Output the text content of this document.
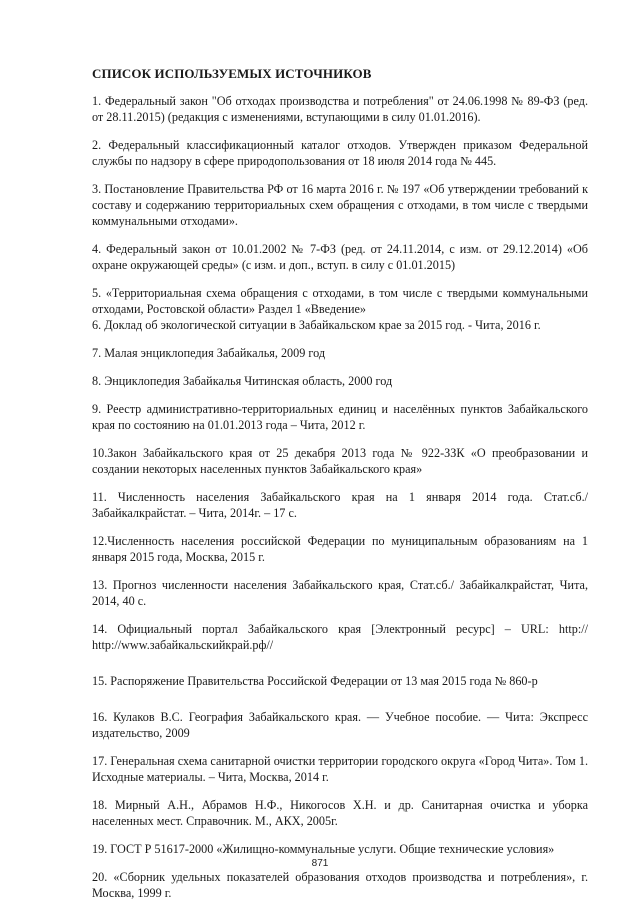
СПИСОК ИСПОЛЬЗУЕМЫХ ИСТОЧНИКОВ
1. Федеральный закон "Об отходах производства и потребления" от 24.06.1998 № 89-ФЗ (ред. от 28.11.2015) (редакция с изменениями, вступающими в силу 01.01.2016).
2. Федеральный классификационный каталог отходов. Утвержден приказом Федеральной службы по надзору в сфере природопользования от 18 июля 2014 года № 445.
3. Постановление Правительства РФ от 16 марта 2016 г. № 197 «Об утверждении требований к составу и содержанию территориальных схем обращения с отходами, в том числе с твердыми коммунальными отходами».
4. Федеральный закон от 10.01.2002 № 7-ФЗ (ред. от 24.11.2014, с изм. от 29.12.2014) «Об охране окружающей среды» (с изм. и доп., вступ. в силу с 01.01.2015)
5. «Территориальная схема обращения с отходами, в том числе с твердыми коммунальными отходами, Ростовской области» Раздел 1 «Введение»
6. Доклад об экологической ситуации в Забайкальском крае за 2015 год. - Чита, 2016 г.
7. Малая энциклопедия Забайкалья, 2009 год
8. Энциклопедия Забайкалья Читинская область, 2000 год
9. Реестр административно-территориальных единиц и населённых пунктов Забайкальского края по состоянию на 01.01.2013 года – Чита, 2012 г.
10.Закон Забайкальского края от 25 декабря 2013 года № 922-ЗЗК «О преобразовании и создании некоторых населенных пунктов Забайкальского края»
11. Численность населения Забайкальского края на 1 января 2014 года. Стат.сб./ Забайкалкрайстат. – Чита, 2014г. – 17 с.
12.Численность населения российской Федерации по муниципальным образованиям на 1 января 2015 года, Москва, 2015 г.
13. Прогноз численности населения Забайкальского края, Стат.сб./ Забайкалкрайстат, Чита, 2014, 40 с.
14. Официальный портал Забайкальского края [Электронный ресурс] – URL: http:// http://www.забайкальскийкрай.рф//
15. Распоряжение Правительства Российской Федерации от 13 мая 2015 года № 860-р
16. Кулаков В.С. География Забайкальского края. — Учебное пособие. — Чита: Экспресс издательство, 2009
17. Генеральная схема санитарной очистки территории городского округа «Город Чита». Том 1. Исходные материалы. – Чита, Москва, 2014 г.
18. Мирный А.Н., Абрамов Н.Ф., Никогосов Х.Н. и др. Санитарная очистка и уборка населенных мест. Справочник. М., АКХ, 2005г.
19. ГОСТ Р 51617-2000 «Жилищно-коммунальные услуги. Общие технические условия»
20. «Сборник удельных показателей образования отходов производства и потребления», г. Москва, 1999 г.
871
